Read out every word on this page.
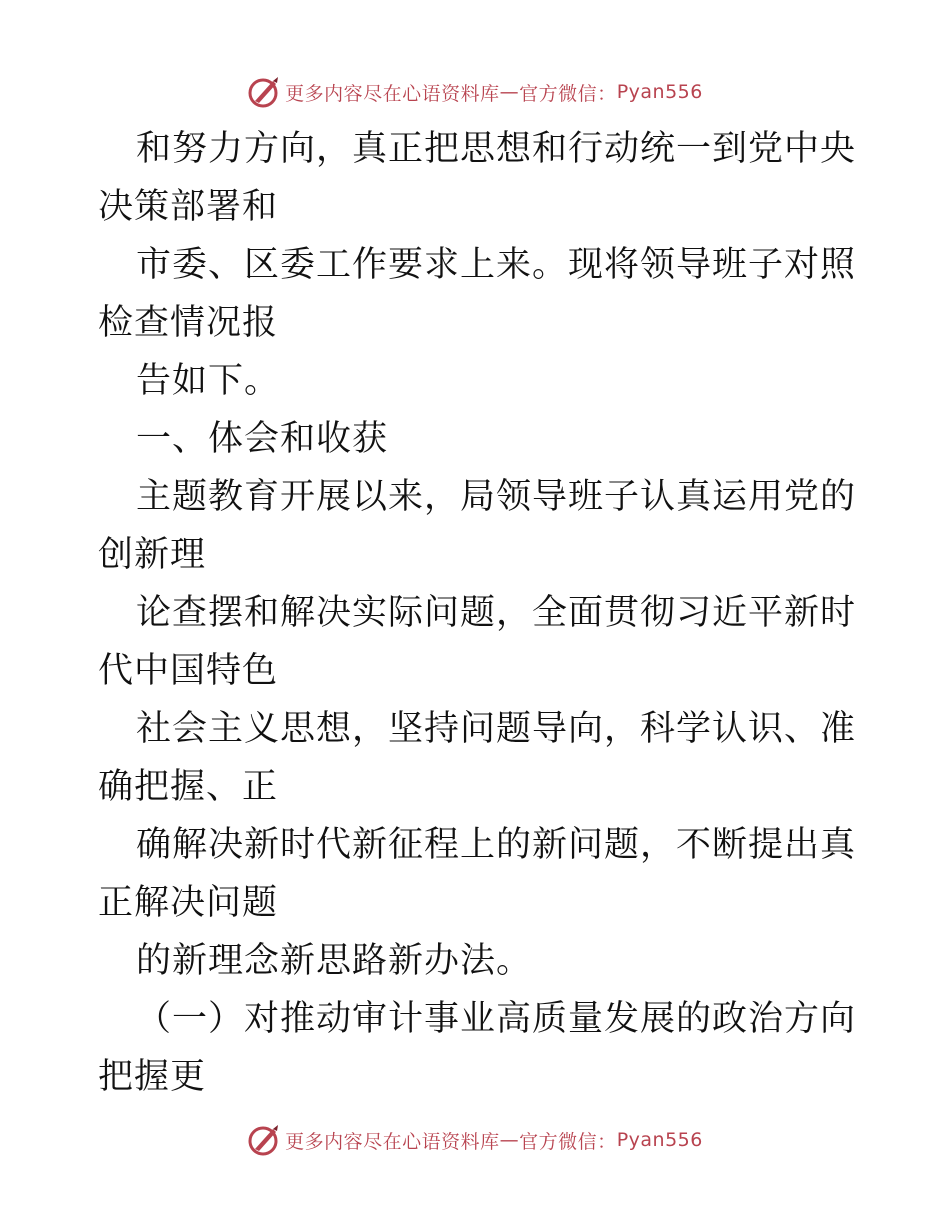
更多内容尽在心语资料库 — 官方微信： Pyan556

和努力方向，真正把思想和行动统一到党中央决策部署和

市委、区委工作要求上来。现将领导班子对照检查情况报

告如下。

一、体会和收获

主题教育开展以来，局领导班子认真运用党的创新理

论查摆和解决实际问题，全面贯彻习近平新时代中国特色

社会主义思想，坚持问题导向，科学认识、准确把握、正

确解决新时代新征程上的新问题，不断提出真正解决问题

的新理念新思路新办法。

（一）对推动审计事业高质量发展的政治方向把握更

更多内容尽在心语资料库 — 官方微信： Pyan556
